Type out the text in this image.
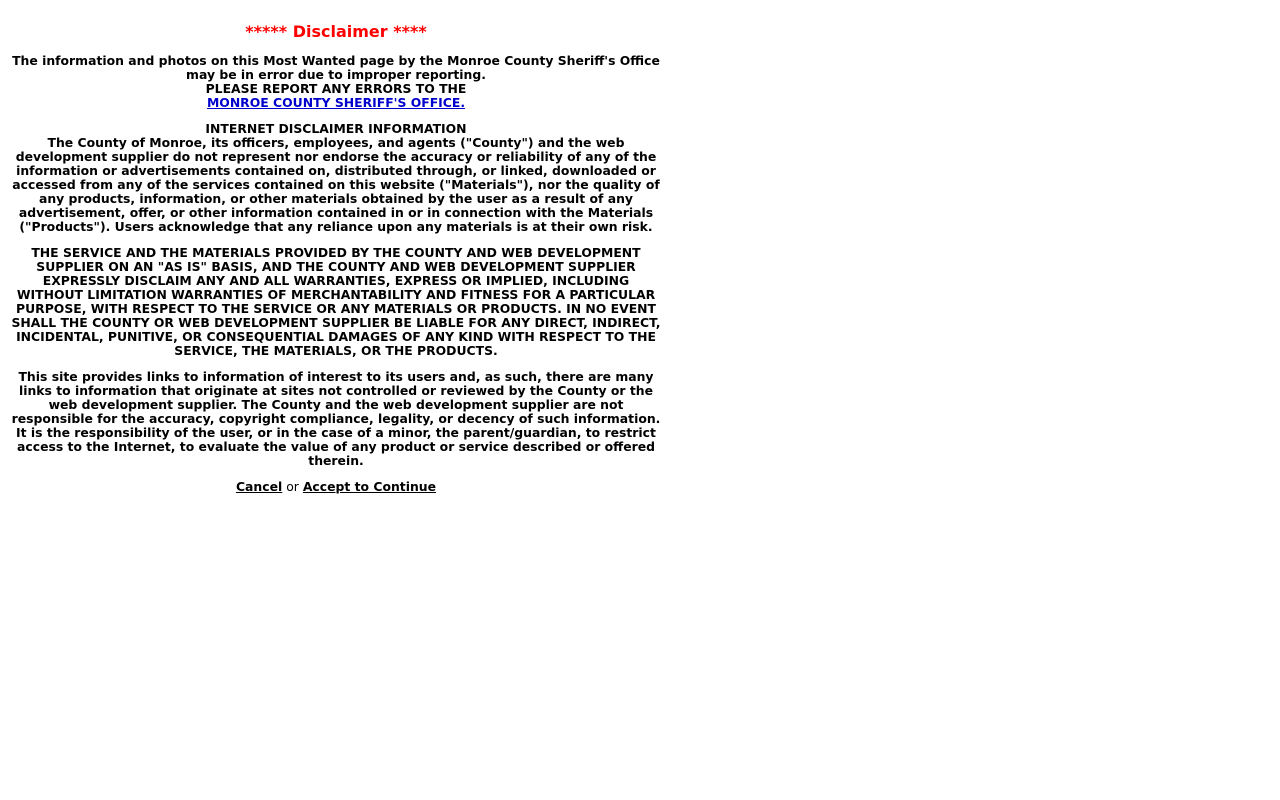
***** Disclaimer ****
The information and photos on this Most Wanted page by the Monroe County Sheriff's Office may be in error due to improper reporting.
PLEASE REPORT ANY ERRORS TO THE
MONROE COUNTY SHERIFF'S OFFICE.
INTERNET DISCLAIMER INFORMATION
The County of Monroe, its officers, employees, and agents ("County") and the web development supplier do not represent nor endorse the accuracy or reliability of any of the information or advertisements contained on, distributed through, or linked, downloaded or accessed from any of the services contained on this website ("Materials"), nor the quality of any products, information, or other materials obtained by the user as a result of any advertisement, offer, or other information contained in or in connection with the Materials ("Products"). Users acknowledge that any reliance upon any materials is at their own risk.
THE SERVICE AND THE MATERIALS PROVIDED BY THE COUNTY AND WEB DEVELOPMENT SUPPLIER ON AN "AS IS" BASIS, AND THE COUNTY AND WEB DEVELOPMENT SUPPLIER EXPRESSLY DISCLAIM ANY AND ALL WARRANTIES, EXPRESS OR IMPLIED, INCLUDING WITHOUT LIMITATION WARRANTIES OF MERCHANTABILITY AND FITNESS FOR A PARTICULAR PURPOSE, WITH RESPECT TO THE SERVICE OR ANY MATERIALS OR PRODUCTS. IN NO EVENT SHALL THE COUNTY OR WEB DEVELOPMENT SUPPLIER BE LIABLE FOR ANY DIRECT, INDIRECT, INCIDENTAL, PUNITIVE, OR CONSEQUENTIAL DAMAGES OF ANY KIND WITH RESPECT TO THE SERVICE, THE MATERIALS, OR THE PRODUCTS.
This site provides links to information of interest to its users and, as such, there are many links to information that originate at sites not controlled or reviewed by the County or the web development supplier. The County and the web development supplier are not responsible for the accuracy, copyright compliance, legality, or decency of such information. It is the responsibility of the user, or in the case of a minor, the parent/guardian, to restrict access to the Internet, to evaluate the value of any product or service described or offered therein.
Cancel or Accept to Continue
